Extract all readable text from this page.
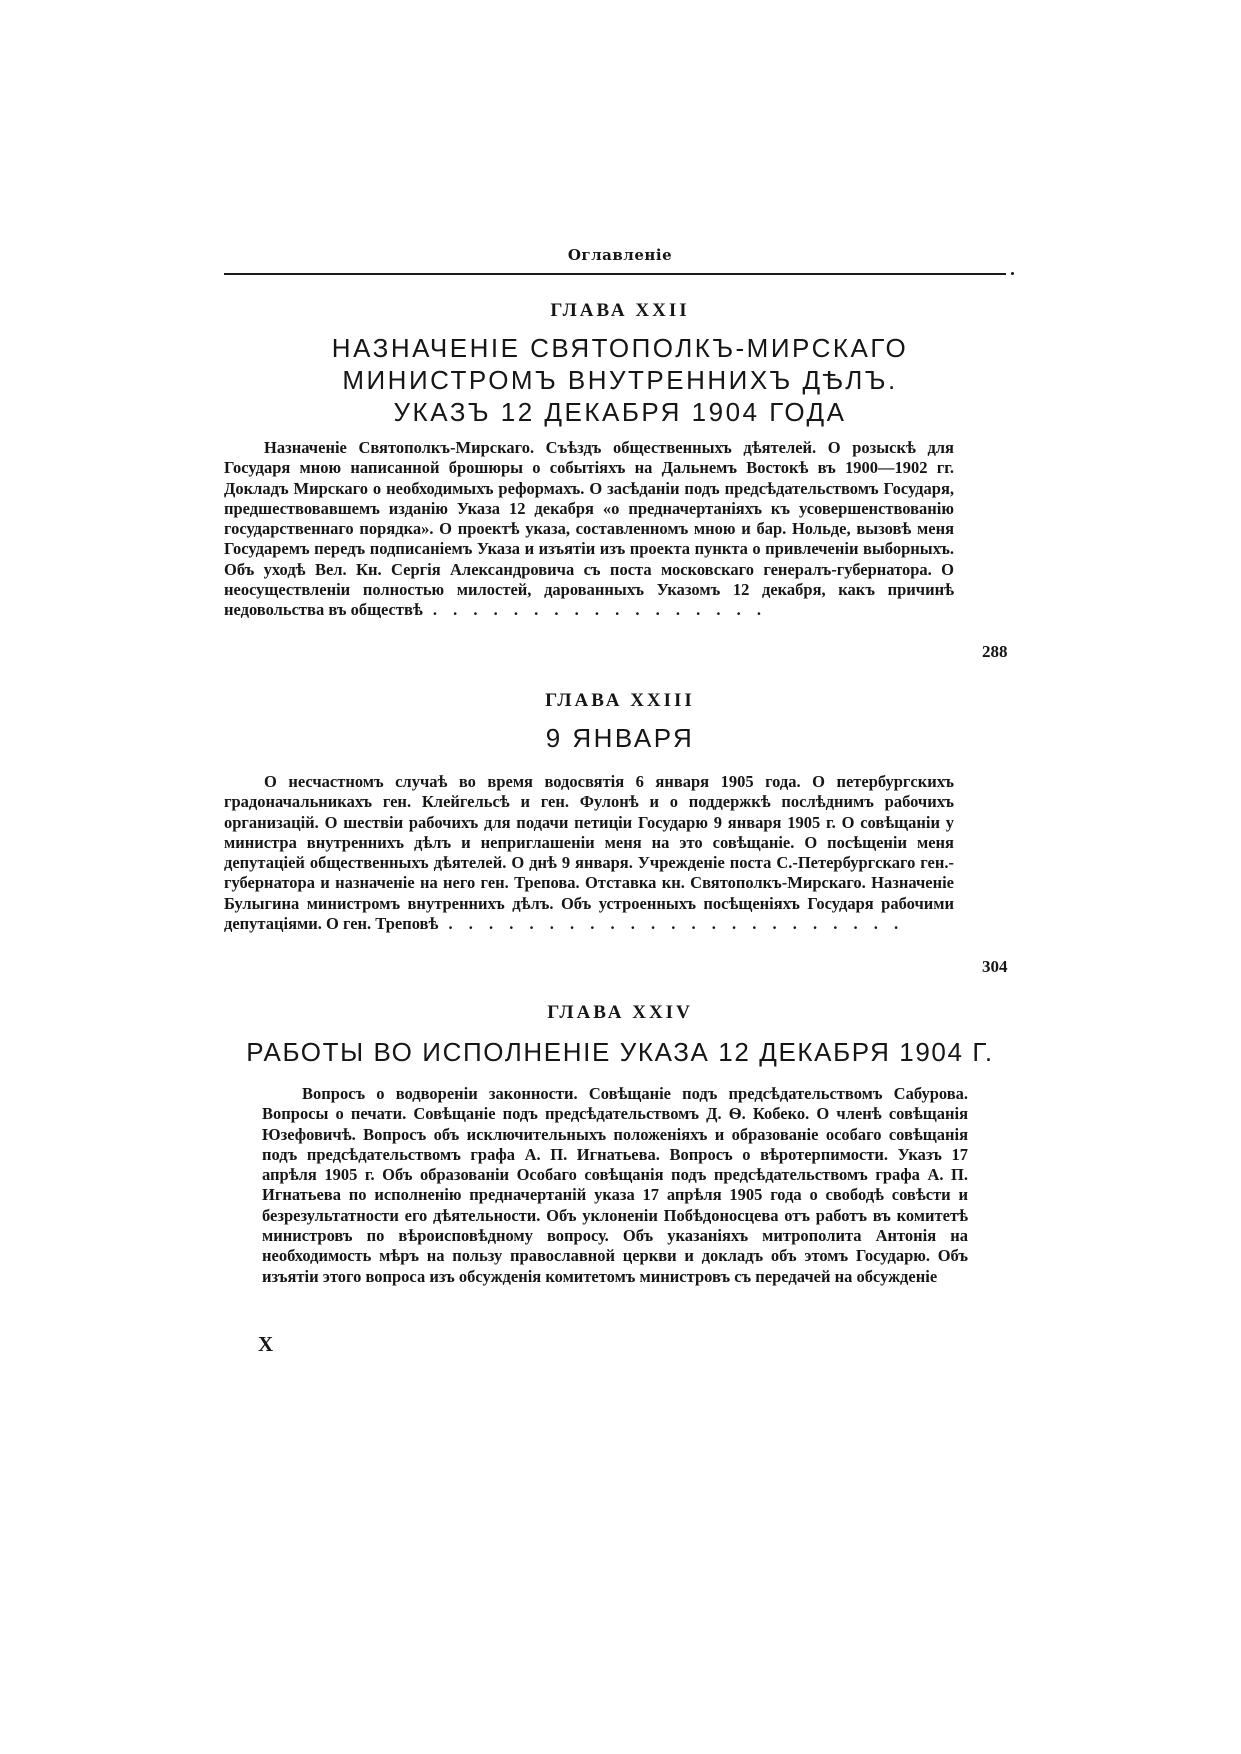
Оглавленіе
ГЛАВА XXII
НАЗНАЧЕНІЕ СВЯТОПОЛКЪ-МИРСКАГО
МИНИСТРОМЪ ВНУТРЕННИХЪ ДѢЛЪ.
УКАЗЪ 12 ДЕКАБРЯ 1904 ГОДА

Назначеніе Святополкъ-Мирскаго. Съѣздъ общественныхъ дѣятелей. О розыскѣ для Государя мною написанной брошюры о событіяхъ на Дальнемъ Востокѣ въ 1900—1902 гг. Докладъ Мирскаго о необходимыхъ реформахъ. О засѣданіи подъ предсѣдательствомъ Государя, предшествовавшемъ изданію Указа 12 декабря «о предначертаніяхъ къ усовершенствованію государственнаго порядка». О проектѣ указа, составленномъ мною и бар. Нольде, вызовѣ меня Государемъ передъ подписаніемъ Указа и изъятіи изъ проекта пункта о привлеченіи выборныхъ. Объ уходѣ Вел. Кн. Сергія Александровича съ поста московскаго генералъ-губернатора. О неосуществленіи полностью милостей, дарованныхъ Указомъ 12 декабря, какъ причинѣ недовольства въ обществѣ . . . . . . . . . . . . . . . . .

288
ГЛАВА XXIII
9 ЯНВАРЯ

О несчастномъ случаѣ во время водосвятія 6 января 1905 года. О петербургскихъ градоначальникахъ ген. Клейгельсѣ и ген. Фулонѣ и о поддержкѣ послѣднимъ рабочихъ организацій. О шествіи рабочихъ для подачи петиціи Государю 9 января 1905 г. О совѣщаніи у министра внутреннихъ дѣлъ и неприглашеніи меня на это совѣщаніе. О посѣщеніи меня депутаціей общественныхъ дѣятелей. О днѣ 9 января. Учрежденіе поста С.-Петербургскаго ген.-губернатора и назначеніе на него ген. Трепова. Отставка кн. Святополкъ-Мирскаго. Назначеніе Булыгина министромъ внутреннихъ дѣлъ. Объ устроенныхъ посѣщеніяхъ Государя рабочими депутаціями. О ген. Треповѣ . . . . . . . . . . . . . . . . . . . . . . .

304
ГЛАВА XXIV
РАБОТЫ ВО ИСПОЛНЕНІЕ УКАЗА 12 ДЕКАБРЯ 1904 Г.

Вопросъ о водвореніи законности. Совѣщаніе подъ предсѣдательствомъ Сабурова. Вопросы о печати. Совѣщаніе подъ предсѣдательствомъ Д. Ѳ. Кобеко. О членѣ совѣщанія Юзефовичѣ. Вопросъ объ исключительныхъ положеніяхъ и образованіе особаго совѣщанія подъ предсѣдательствомъ графа А. П. Игнатьева. Вопросъ о вѣротерпимости. Указъ 17 апрѣля 1905 г. Объ образованіи Особаго совѣщанія подъ предсѣдательствомъ графа А. П. Игнатьева по исполненію предначертаній указа 17 апрѣля 1905 года о свободѣ совѣсти и безрезультатности его дѣятельности. Объ уклоненіи Побѣдоносцева отъ работъ въ комитетѣ министровъ по вѣроисповѣдному вопросу. Объ указаніяхъ митрополита Антонія на необходимость мѣръ на пользу православной церкви и докладъ объ этомъ Государю. Объ изъятіи этого вопроса изъ обсужденія комитетомъ министровъ съ передачей на обсужденіе

X
